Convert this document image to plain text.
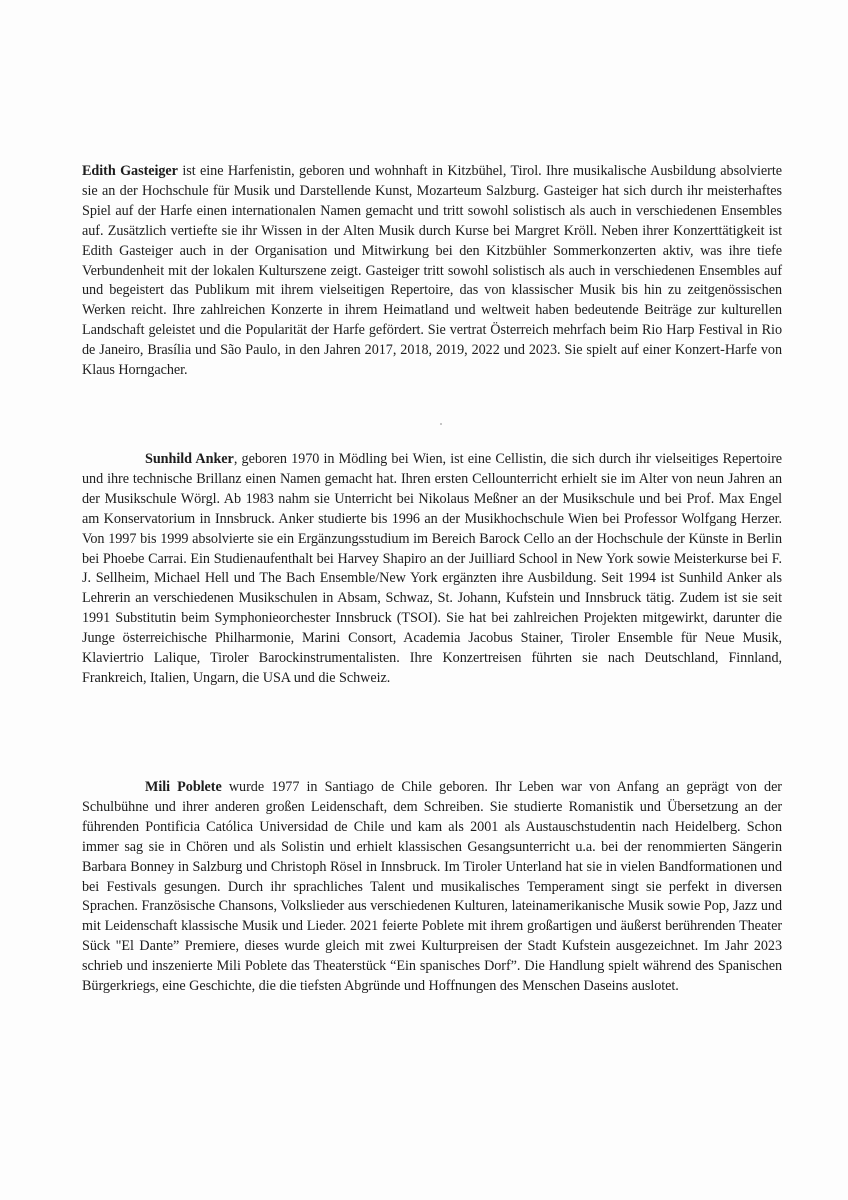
Edith Gasteiger ist eine Harfenistin, geboren und wohnhaft in Kitzbühel, Tirol. Ihre musikalische Ausbildung absolvierte sie an der Hochschule für Musik und Darstellende Kunst, Mozarteum Salzburg. Gasteiger hat sich durch ihr meisterhaftes Spiel auf der Harfe einen internationalen Namen gemacht und tritt sowohl solistisch als auch in verschiedenen Ensembles auf. Zusätzlich vertiefte sie ihr Wissen in der Alten Musik durch Kurse bei Margret Kröll. Neben ihrer Konzerttätigkeit ist Edith Gasteiger auch in der Organisation und Mitwirkung bei den Kitzbühler Sommerkonzerten aktiv, was ihre tiefe Verbundenheit mit der lokalen Kulturszene zeigt. Gasteiger tritt sowohl solistisch als auch in verschiedenen Ensembles auf und begeistert das Publikum mit ihrem vielseitigen Repertoire, das von klassischer Musik bis hin zu zeitgenössischen Werken reicht. Ihre zahlreichen Konzerte in ihrem Heimatland und weltweit haben bedeutende Beiträge zur kulturellen Landschaft geleistet und die Popularität der Harfe gefördert. Sie vertrat Österreich mehrfach beim Rio Harp Festival in Rio de Janeiro, Brasília und São Paulo, in den Jahren 2017, 2018, 2019, 2022 und 2023. Sie spielt auf einer Konzert-Harfe von Klaus Horngacher.

Sunhild Anker, geboren 1970 in Mödling bei Wien, ist eine Cellistin, die sich durch ihr vielseitiges Repertoire und ihre technische Brillanz einen Namen gemacht hat. Ihren ersten Cellounterricht erhielt sie im Alter von neun Jahren an der Musikschule Wörgl. Ab 1983 nahm sie Unterricht bei Nikolaus Meßner an der Musikschule und bei Prof. Max Engel am Konservatorium in Innsbruck. Anker studierte bis 1996 an der Musikhochschule Wien bei Professor Wolfgang Herzer. Von 1997 bis 1999 absolvierte sie ein Ergänzungsstudium im Bereich Barock Cello an der Hochschule der Künste in Berlin bei Phoebe Carrai. Ein Studienaufenthalt bei Harvey Shapiro an der Juilliard School in New York sowie Meisterkurse bei F. J. Sellheim, Michael Hell und The Bach Ensemble/New York ergänzten ihre Ausbildung. Seit 1994 ist Sunhild Anker als Lehrerin an verschiedenen Musikschulen in Absam, Schwaz, St. Johann, Kufstein und Innsbruck tätig. Zudem ist sie seit 1991 Substitutin beim Symphonieorchester Innsbruck (TSOI). Sie hat bei zahlreichen Projekten mitgewirkt, darunter die Junge österreichische Philharmonie, Marini Consort, Academia Jacobus Stainer, Tiroler Ensemble für Neue Musik, Klaviertrio Lalique, Tiroler Barockinstrumentalisten. Ihre Konzertreisen führten sie nach Deutschland, Finnland, Frankreich, Italien, Ungarn, die USA und die Schweiz.

Mili Poblete wurde 1977 in Santiago de Chile geboren. Ihr Leben war von Anfang an geprägt von der Schulbühne und ihrer anderen großen Leidenschaft, dem Schreiben. Sie studierte Romanistik und Übersetzung an der führenden Pontificia Católica Universidad de Chile und kam als 2001 als Austauschstudentin nach Heidelberg. Schon immer sag sie in Chören und als Solistin und erhielt klassischen Gesangsunterricht u.a. bei der renommierten Sängerin Barbara Bonney in Salzburg und Christoph Rösel in Innsbruck. Im Tiroler Unterland hat sie in vielen Bandformationen und bei Festivals gesungen. Durch ihr sprachliches Talent und musikalisches Temperament singt sie perfekt in diversen Sprachen. Französische Chansons, Volkslieder aus verschiedenen Kulturen, lateinamerikanische Musik sowie Pop, Jazz und mit Leidenschaft klassische Musik und Lieder. 2021 feierte Poblete mit ihrem großartigen und äußerst berührenden Theater Sück "El Dante” Premiere, dieses wurde gleich mit zwei Kulturpreisen der Stadt Kufstein ausgezeichnet. Im Jahr 2023 schrieb und inszenierte Mili Poblete das Theaterstück “Ein spanisches Dorf”. Die Handlung spielt während des Spanischen Bürgerkriegs, eine Geschichte, die die tiefsten Abgründe und Hoffnungen des Menschen Daseins auslotet.
